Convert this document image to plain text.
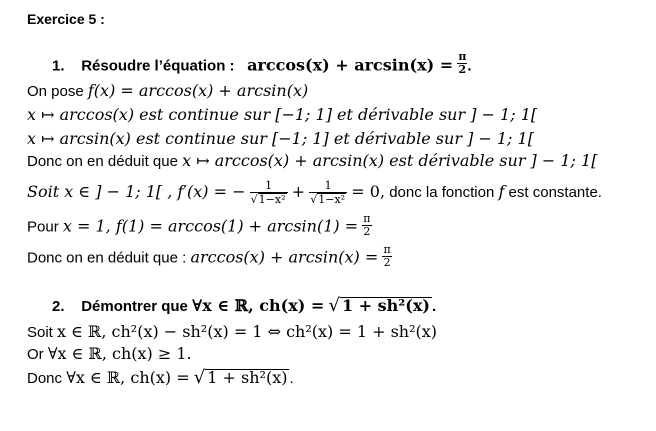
Exercice 5 :
1. Résoudre l’équation : $\arccos(x) + \arcsin(x) = \frac{\pi}{2}$ .
On pose f(x) = arccos(x) + arcsin(x)
x ↦ arccos(x) est continue sur [−1; 1] et dérivable sur ] − 1; 1[
x ↦ arcsin(x) est continue sur [−1; 1] et dérivable sur ] − 1; 1[
Donc on en déduit que x ↦ arccos(x) + arcsin(x) est dérivable sur ] − 1; 1[
Soit x ∈ ] − 1; 1[ , f′(x) = − $\frac{1}{\text{√1−x²}} + \frac{1}{\text{√1−x²}} = 0$, donc la fonction f est constante.
Pour x = 1, $f(1) = \arccos(1) + \arcsin(1) = \frac{\pi}{2}$
Donc on en déduit que : $\arccos(x) + \arcsin(x) = \frac{\pi}{2}$
2. Démontrer que ∀x ∈ ℝ, ch(x) = √ 1 + sh²(x) .
Soit x ∈ ℝ, ch²(x) − sh²(x) = 1 ⇔ ch²(x) = 1 + sh²(x)
Or ∀x ∈ ℝ, ch(x) ≥ 1.
Donc ∀x ∈ ℝ, ch(x) = √ 1 + sh²(x) .
